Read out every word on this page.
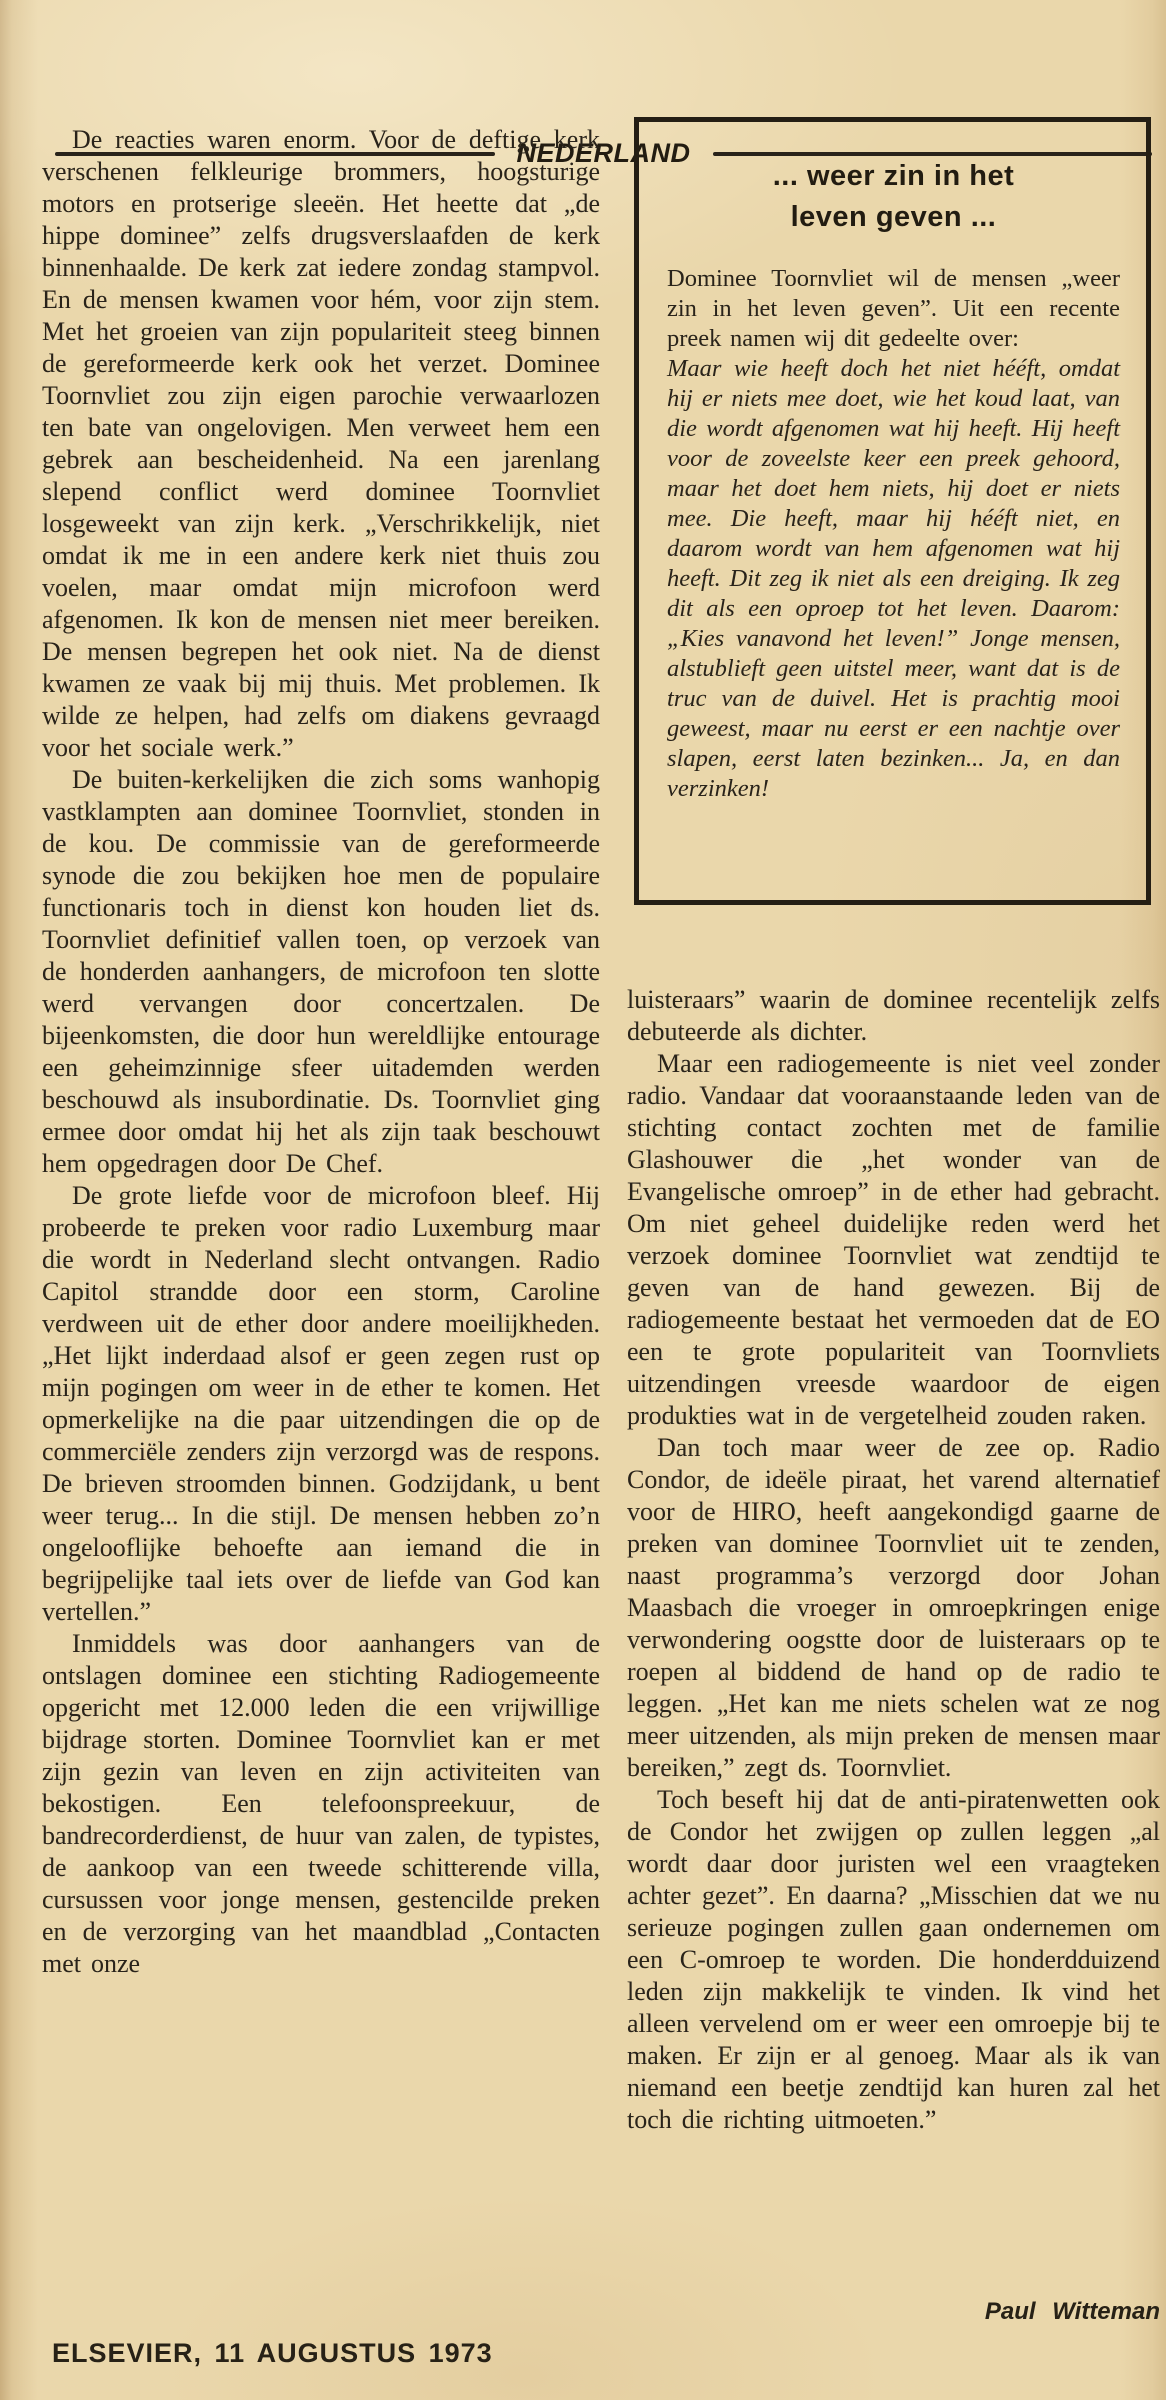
NEDERLAND

De reacties waren enorm. Voor de deftige kerk verschenen felkleurige brommers, hoogsturige motors en protserige sleeën. Het heette dat „de hippe dominee” zelfs drugsverslaafden de kerk binnenhaalde. De kerk zat iedere zondag stampvol. En de mensen kwamen voor hém, voor zijn stem. Met het groeien van zijn populariteit steeg binnen de gereformeerde kerk ook het verzet. Dominee Toornvliet zou zijn eigen parochie verwaarlozen ten bate van ongelovigen. Men verweet hem een gebrek aan bescheidenheid. Na een jarenlang slepend conflict werd dominee Toornvliet losgeweekt van zijn kerk. „Verschrikkelijk, niet omdat ik me in een andere kerk niet thuis zou voelen, maar omdat mijn microfoon werd afgenomen. Ik kon de mensen niet meer bereiken. De mensen begrepen het ook niet. Na de dienst kwamen ze vaak bij mij thuis. Met problemen. Ik wilde ze helpen, had zelfs om diakens gevraagd voor het sociale werk.”

De buiten-kerkelijken die zich soms wanhopig vastklampten aan dominee Toornvliet, stonden in de kou. De commissie van de gereformeerde synode die zou bekijken hoe men de populaire functionaris toch in dienst kon houden liet ds. Toornvliet definitief vallen toen, op verzoek van de honderden aanhangers, de microfoon ten slotte werd vervangen door concertzalen. De bijeenkomsten, die door hun wereldlijke entourage een geheimzinnige sfeer uitademden werden beschouwd als insubordinatie. Ds. Toornvliet ging ermee door omdat hij het als zijn taak beschouwt hem opgedragen door De Chef.

De grote liefde voor de microfoon bleef. Hij probeerde te preken voor radio Luxemburg maar die wordt in Nederland slecht ontvangen. Radio Capitol strandde door een storm, Caroline verdween uit de ether door andere moeilijkheden. „Het lijkt inderdaad alsof er geen zegen rust op mijn pogingen om weer in de ether te komen. Het opmerkelijke na die paar uitzendingen die op de commerciële zenders zijn verzorgd was de respons. De brieven stroomden binnen. Godzijdank, u bent weer terug... In die stijl. De mensen hebben zo’n ongelooflijke behoefte aan iemand die in begrijpelijke taal iets over de liefde van God kan vertellen.”

Inmiddels was door aanhangers van de ontslagen dominee een stichting Radiogemeente opgericht met 12.000 leden die een vrijwillige bijdrage storten. Dominee Toornvliet kan er met zijn gezin van leven en zijn activiteiten van bekostigen. Een telefoonspreekuur, de bandrecorderdienst, de huur van zalen, de typistes, de aankoop van een tweede schitterende villa, cursussen voor jonge mensen, gestencilde preken en de verzorging van het maandblad „Contacten met onze

... weer zin in het
leven geven ...

Dominee Toornvliet wil de mensen „weer zin in het leven geven”. Uit een recente preek namen wij dit gedeelte over:

Maar wie heeft doch het niet hééft, omdat hij er niets mee doet, wie het koud laat, van die wordt afgenomen wat hij heeft. Hij heeft voor de zoveelste keer een preek gehoord, maar het doet hem niets, hij doet er niets mee. Die heeft, maar hij hééft niet, en daarom wordt van hem afgenomen wat hij heeft. Dit zeg ik niet als een dreiging. Ik zeg dit als een oproep tot het leven. Daarom: „Kies vanavond het leven!” Jonge mensen, alstublieft geen uitstel meer, want dat is de truc van de duivel. Het is prachtig mooi geweest, maar nu eerst er een nachtje over slapen, eerst laten bezinken... Ja, en dan verzinken!

luisteraars” waarin de dominee recentelijk zelfs debuteerde als dichter.

Maar een radiogemeente is niet veel zonder radio. Vandaar dat vooraanstaande leden van de stichting contact zochten met de familie Glashouwer die „het wonder van de Evangelische omroep” in de ether had gebracht. Om niet geheel duidelijke reden werd het verzoek dominee Toornvliet wat zendtijd te geven van de hand gewezen. Bij de radiogemeente bestaat het vermoeden dat de EO een te grote populariteit van Toornvliets uitzendingen vreesde waardoor de eigen produkties wat in de vergetelheid zouden raken.

Dan toch maar weer de zee op. Radio Condor, de ideële piraat, het varend alternatief voor de HIRO, heeft aangekondigd gaarne de preken van dominee Toornvliet uit te zenden, naast programma’s verzorgd door Johan Maasbach die vroeger in omroepkringen enige verwondering oogstte door de luisteraars op te roepen al biddend de hand op de radio te leggen. „Het kan me niets schelen wat ze nog meer uitzenden, als mijn preken de mensen maar bereiken,” zegt ds. Toornvliet.

Toch beseft hij dat de anti-piratenwetten ook de Condor het zwijgen op zullen leggen „al wordt daar door juristen wel een vraagteken achter gezet”. En daarna? „Misschien dat we nu serieuze pogingen zullen gaan ondernemen om een C-omroep te worden. Die honderdduizend leden zijn makkelijk te vinden. Ik vind het alleen vervelend om er weer een omroepje bij te maken. Er zijn er al genoeg. Maar als ik van niemand een beetje zendtijd kan huren zal het toch die richting uitmoeten.”

Paul Witteman
ELSEVIER, 11 AUGUSTUS 1973
